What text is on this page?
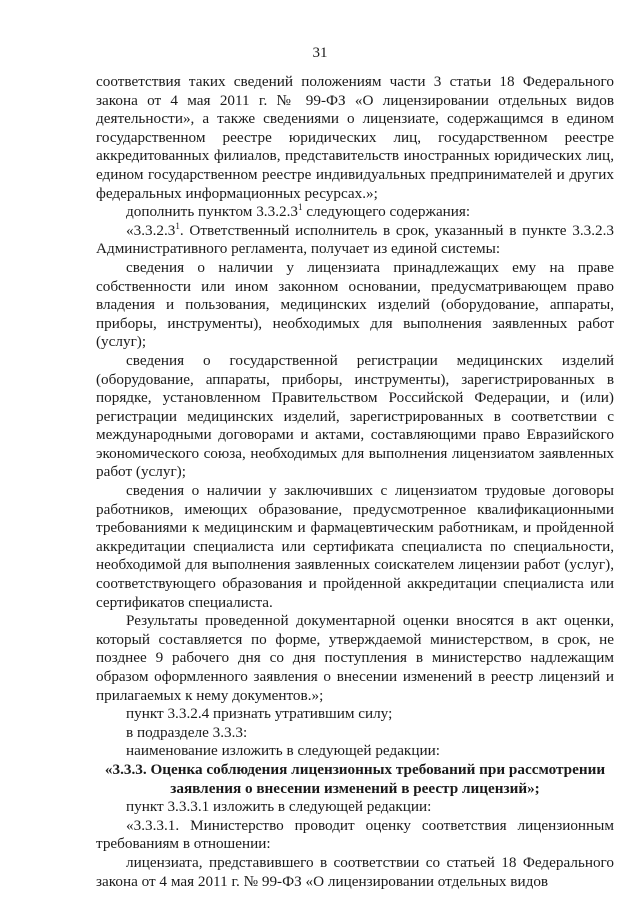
31

соответствия таких сведений положениям части 3 статьи 18 Федерального закона от 4 мая 2011 г. № 99-ФЗ «О лицензировании отдельных видов деятельности», а также сведениями о лицензиате, содержащимся в едином государственном реестре юридических лиц, государственном реестре аккредитованных филиалов, представительств иностранных юридических лиц, едином государственном реестре индивидуальных предпринимателей и других федеральных информационных ресурсах.»;

дополнить пунктом 3.3.2.3$^1$ следующего содержания:

«3.3.2.3$^1$. Ответственный исполнитель в срок, указанный в пункте 3.3.2.3 Административного регламента, получает из единой системы:

сведения о наличии у лицензиата принадлежащих ему на праве собственности или ином законном основании, предусматривающем право владения и пользования, медицинских изделий (оборудование, аппараты, приборы, инструменты), необходимых для выполнения заявленных работ (услуг);

сведения о государственной регистрации медицинских изделий (оборудование, аппараты, приборы, инструменты), зарегистрированных в порядке, установленном Правительством Российской Федерации, и (или) регистрации медицинских изделий, зарегистрированных в соответствии с международными договорами и актами, составляющими право Евразийского экономического союза, необходимых для выполнения лицензиатом заявленных работ (услуг);

сведения о наличии у заключивших с лицензиатом трудовые договоры работников, имеющих образование, предусмотренное квалификационными требованиями к медицинским и фармацевтическим работникам, и пройденной аккредитации специалиста или сертификата специалиста по специальности, необходимой для выполнения заявленных соискателем лицензии работ (услуг), соответствующего образования и пройденной аккредитации специалиста или сертификатов специалиста.

Результаты проведенной документарной оценки вносятся в акт оценки, который составляется по форме, утверждаемой министерством, в срок, не позднее 9 рабочего дня со дня поступления в министерство надлежащим образом оформленного заявления о внесении изменений в реестр лицензий и прилагаемых к нему документов.»;

пункт 3.3.2.4 признать утратившим силу;

в подразделе 3.3.3:

наименование изложить в следующей редакции:

«3.3.3. Оценка соблюдения лицензионных требований при рассмотрении заявления о внесении изменений в реестр лицензий»;

пункт 3.3.3.1 изложить в следующей редакции:

«3.3.3.1. Министерство проводит оценку соответствия лицензионным требованиям в отношении:

лицензиата, представившего в соответствии со статьей 18 Федерального закона от 4 мая 2011 г. № 99-ФЗ «О лицензировании отдельных видов
